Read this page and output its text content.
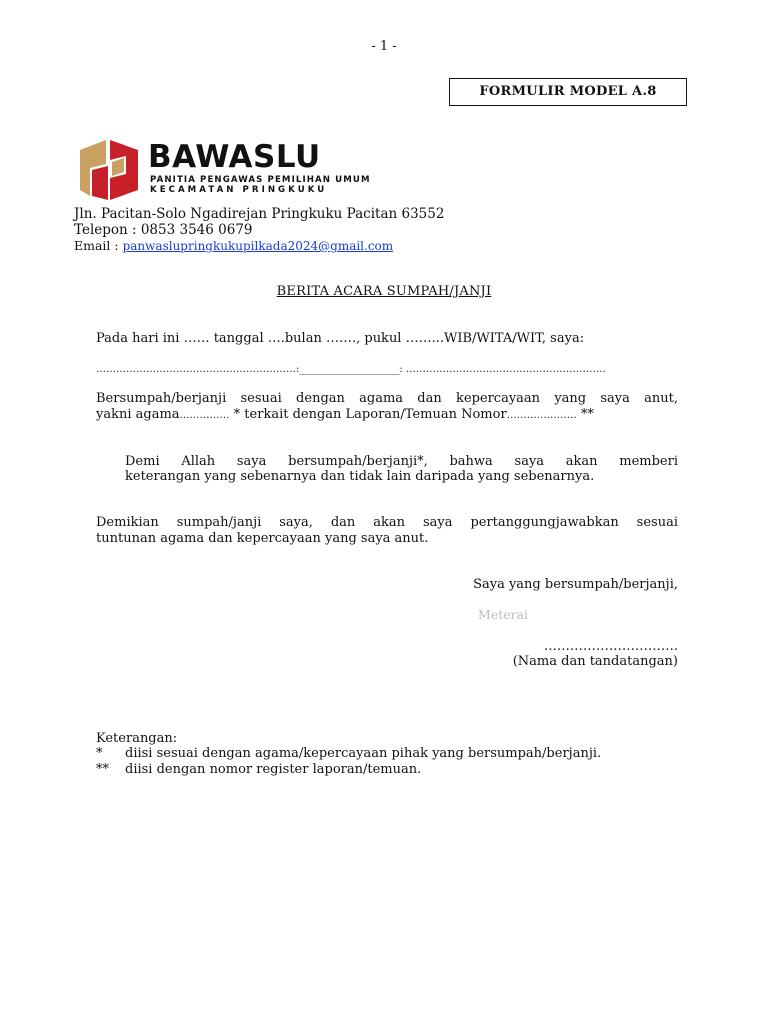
- 1 -
FORMULIR MODEL A.8
BAWASLU
PANITIA PENGAWAS PEMILIHAN UMUM
KECAMATAN PRINGKUKU
Jln. Pacitan-Solo Ngadirejan Pringkuku Pacitan 63552
Telepon : 0853 3546 0679
Email : panwaslupringkukupilkada2024@gmail.com
BERITA ACARA SUMPAH/JANJI
Pada hari ini …… tanggal ….bulan ……., pukul ……...WIB/WITA/WIT, saya:
……………………………………………………:____________________: ……………………………………………………
Bersumpah/berjanji sesuai dengan agama dan kepercayaan yang saya anut,
yakni agama…………… * terkait dengan Laporan/Temuan Nomor………………… **
Demi Allah saya bersumpah/berjanji*, bahwa saya akan memberi
keterangan yang sebenarnya dan tidak lain daripada yang sebenarnya.
Demikian sumpah/janji saya, dan akan saya pertanggungjawabkan sesuai
tuntunan agama dan kepercayaan yang saya anut.
Saya yang bersumpah/berjanji,
Meterai
………………………….
(Nama dan tandatangan)
Keterangan:
* diisi sesuai dengan agama/kepercayaan pihak yang bersumpah/berjanji.
** diisi dengan nomor register laporan/temuan.
